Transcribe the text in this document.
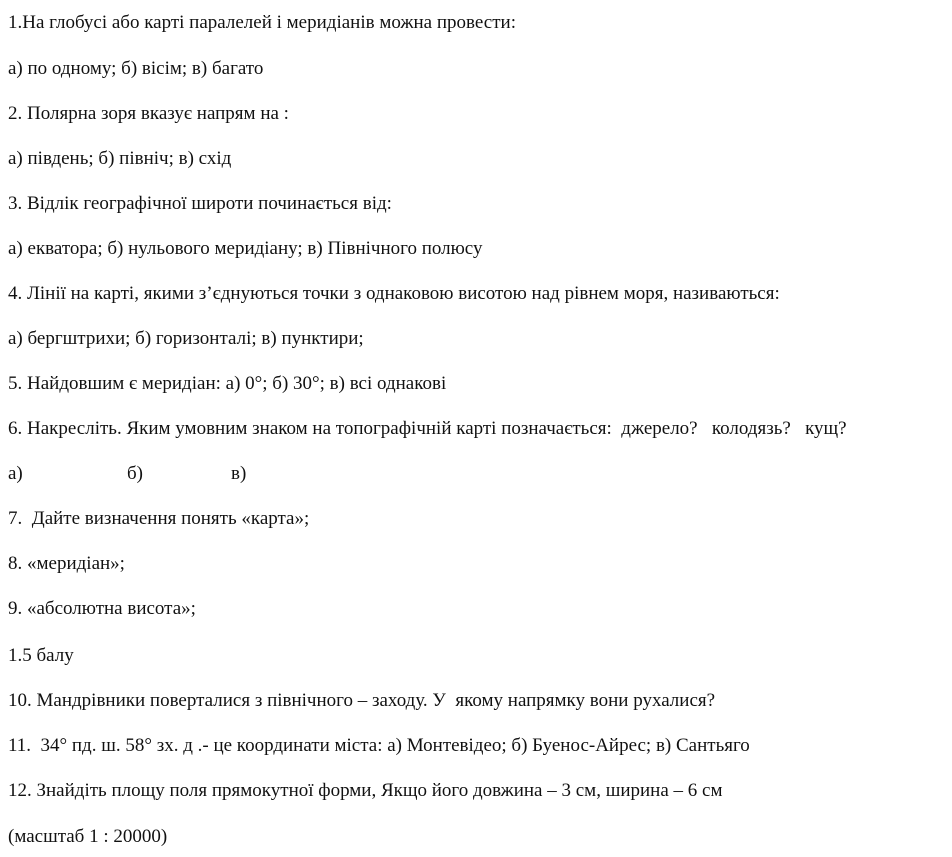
1.На глобусі або карті паралелей і меридіанів можна провести:
а) по одному; б) вісім; в) багато
2. Полярна зоря вказує напрям на :
а) південь; б) північ; в) схід
3. Відлік географічної широти починається від:
а) екватора; б) нульового меридіану; в) Північного полюсу
4. Лінії на карті, якими з’єднуються точки з однаковою висотою над рівнем моря, називаються:
а) бергштрихи; б) горизонталі; в) пунктири;
5. Найдовшим є меридіан: а) 0°; б) 30°; в) всі однакові
6. Накресліть. Яким умовним знаком на топографічній карті позначається:  джерело?   колодязь?   кущ?
а)	б)	в)
7.  Дайте визначення понять «карта»;
8. «меридіан»;
9. «абсолютна висота»;
1.5 балу
10. Мандрівники поверталися з північного – заходу. У  якому напрямку вони рухалися?
11.  34° пд. ш. 58° зх. д .- це координати міста: а) Монтевідео; б) Буенос-Айрес; в) Сантьяго
12. Знайдіть площу поля прямокутної форми, Якщо його довжина – 3 см, ширина – 6 см
(масштаб 1 : 20000)
